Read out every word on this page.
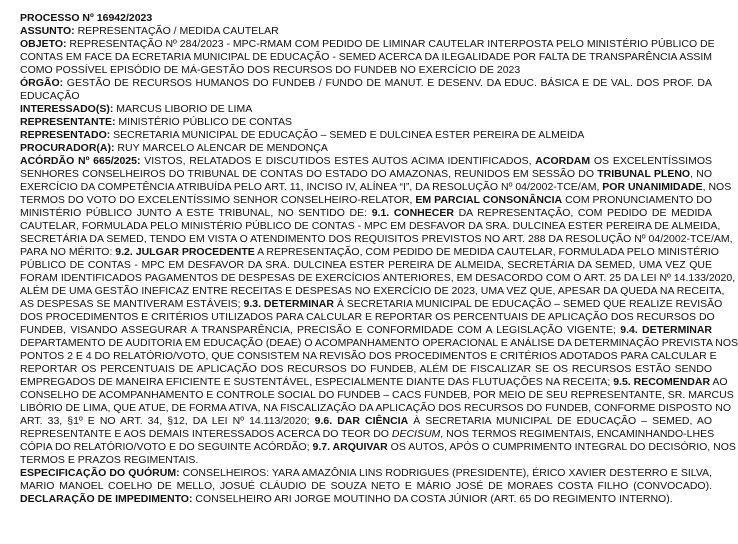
PROCESSO Nº 16942/2023
ASSUNTO: REPRESENTAÇÃO / MEDIDA CAUTELAR
OBJETO: REPRESENTAÇÃO Nº 284/2023 - MPC-RMAM COM PEDIDO DE LIMINAR CAUTELAR INTERPOSTA PELO MINISTÉRIO PÚBLICO DE
CONTAS EM FACE DA ECRETARIA MUNICIPAL DE EDUCAÇÃO - SEMED ACERCA DA ILEGALIDADE POR FALTA DE TRANSPARÊNCIA ASSIM
COMO POSSÍVEL EPISÓDIO DE MÁ-GESTÃO DOS RECURSOS DO FUNDEB NO EXERCÍCIO DE 2023
ÓRGÃO: GESTÃO DE RECURSOS HUMANOS DO FUNDEB / FUNDO DE MANUT. E DESENV. DA EDUC. BÁSICA E DE VAL. DOS PROF. DA
EDUCAÇÃO
INTERESSADO(S): MARCUS LIBORIO DE LIMA
REPRESENTANTE: MINISTÉRIO PÚBLICO DE CONTAS
REPRESENTADO: SECRETARIA MUNICIPAL DE EDUCAÇÃO – SEMED E DULCINEA ESTER PEREIRA DE ALMEIDA
PROCURADOR(A): RUY MARCELO ALENCAR DE MENDONÇA
ACÓRDÃO Nº 665/2025: VISTOS, RELATADOS E DISCUTIDOS ESTES AUTOS ACIMA IDENTIFICADOS, ACORDAM OS EXCELENTÍSSIMOS
SENHORES CONSELHEIROS DO TRIBUNAL DE CONTAS DO ESTADO DO AMAZONAS, REUNIDOS EM SESSÃO DO TRIBUNAL PLENO, NO
EXERCÍCIO DA COMPETÊNCIA ATRIBUÍDA PELO ART. 11, INCISO IV, ALÍNEA “I”, DA RESOLUÇÃO Nº 04/2002-TCE/AM, POR UNANIMIDADE, NOS
TERMOS DO VOTO DO EXCELENTÍSSIMO SENHOR CONSELHEIRO-RELATOR, EM PARCIAL CONSONÂNCIA COM PRONUNCIAMENTO DO
MINISTÉRIO PÚBLICO JUNTO A ESTE TRIBUNAL, NO SENTIDO DE: 9.1. CONHECER DA REPRESENTAÇÃO, COM PEDIDO DE MEDIDA
CAUTELAR, FORMULADA PELO MINISTÉRIO PÚBLICO DE CONTAS - MPC EM DESFAVOR DA SRA. DULCINEA ESTER PEREIRA DE ALMEIDA,
SECRETÁRIA DA SEMED, TENDO EM VISTA O ATENDIMENTO DOS REQUISITOS PREVISTOS NO ART. 288 DA RESOLUÇÃO Nº 04/2002-TCE/AM,
PARA NO MÉRITO: 9.2. JULGAR PROCEDENTE A REPRESENTAÇÃO, COM PEDIDO DE MEDIDA CAUTELAR, FORMULADA PELO MINISTÉRIO
PÚBLICO DE CONTAS - MPC EM DESFAVOR DA SRA. DULCINEA ESTER PEREIRA DE ALMEIDA, SECRETÁRIA DA SEMED, UMA VEZ QUE
FORAM IDENTIFICADOS PAGAMENTOS DE DESPESAS DE EXERCÍCIOS ANTERIORES, EM DESACORDO COM O ART. 25 DA LEI Nº 14.133/2020,
ALÉM DE UMA GESTÃO INEFICAZ ENTRE RECEITAS E DESPESAS NO EXERCÍCIO DE 2023, UMA VEZ QUE, APESAR DA QUEDA NA RECEITA,
AS DESPESAS SE MANTIVERAM ESTÁVEIS; 9.3. DETERMINAR À SECRETARIA MUNICIPAL DE EDUCAÇÃO – SEMED QUE REALIZE REVISÃO
DOS PROCEDIMENTOS E CRITÉRIOS UTILIZADOS PARA CALCULAR E REPORTAR OS PERCENTUAIS DE APLICAÇÃO DOS RECURSOS DO
FUNDEB, VISANDO ASSEGURAR A TRANSPARÊNCIA, PRECISÃO E CONFORMIDADE COM A LEGISLAÇÃO VIGENTE; 9.4. DETERMINAR
DEPARTAMENTO DE AUDITORIA EM EDUCAÇÃO (DEAE) O ACOMPANHAMENTO OPERACIONAL E ANÁLISE DA DETERMINAÇÃO PREVISTA NOS
PONTOS 2 E 4 DO RELATÓRIO/VOTO, QUE CONSISTEM NA REVISÃO DOS PROCEDIMENTOS E CRITÉRIOS ADOTADOS PARA CALCULAR E
REPORTAR OS PERCENTUAIS DE APLICAÇÃO DOS RECURSOS DO FUNDEB, ALÉM DE FISCALIZAR SE OS RECURSOS ESTÃO SENDO
EMPREGADOS DE MANEIRA EFICIENTE E SUSTENTÁVEL, ESPECIALMENTE DIANTE DAS FLUTUAÇÕES NA RECEITA; 9.5. RECOMENDAR AO
CONSELHO DE ACOMPANHAMENTO E CONTROLE SOCIAL DO FUNDEB – CACS FUNDEB, POR MEIO DE SEU REPRESENTANTE, SR. MARCUS
LIBÓRIO DE LIMA, QUE ATUE, DE FORMA ATIVA, NA FISCALIZAÇÃO DA APLICAÇÃO DOS RECURSOS DO FUNDEB, CONFORME DISPOSTO NO
ART. 33, §1º E NO ART. 34, §12, DA LEI Nº 14.113/2020; 9.6. DAR CIÊNCIA À SECRETARIA MUNICIPAL DE EDUCAÇÃO – SEMED, AO
REPRESENTANTE E AOS DEMAIS INTERESSADOS ACERCA DO TEOR DO DECISUM, NOS TERMOS REGIMENTAIS, ENCAMINHANDO-LHES
CÓPIA DO RELATÓRIO/VOTO E DO SEGUINTE ACÓRDÃO; 9.7. ARQUIVAR OS AUTOS, APÓS O CUMPRIMENTO INTEGRAL DO DECISÓRIO, NOS
TERMOS E PRAZOS REGIMENTAIS.
ESPECIFICAÇÃO DO QUÓRUM: CONSELHEIROS: YARA AMAZÔNIA LINS RODRIGUES (PRESIDENTE), ÉRICO XAVIER DESTERRO E SILVA,
MARIO MANOEL COELHO DE MELLO, JOSUÉ CLÁUDIO DE SOUZA NETO E MÁRIO JOSÉ DE MORAES COSTA FILHO (CONVOCADO).
DECLARAÇÃO DE IMPEDIMENTO: CONSELHEIRO ARI JORGE MOUTINHO DA COSTA JÚNIOR (ART. 65 DO REGIMENTO INTERNO).
